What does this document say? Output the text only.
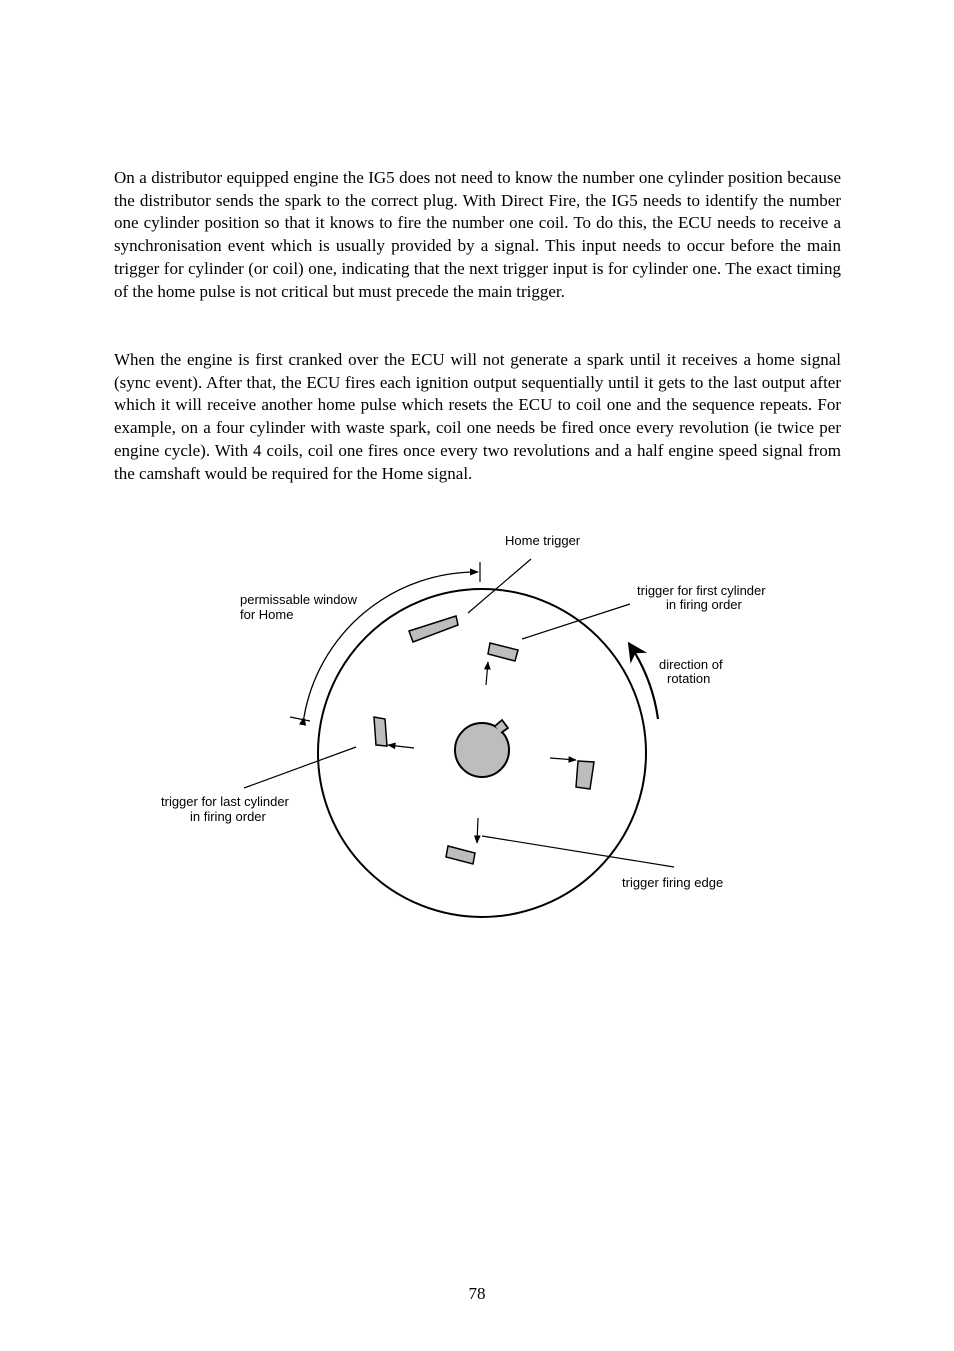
On a distributor equipped engine the IG5 does not need to know the number one cylinder position because the distributor sends the spark to the correct plug. With Direct Fire, the IG5 needs to identify the number one cylinder position so that it knows to fire the number one coil. To do this, the ECU needs to receive a synchronisation event which is usually provided by a signal. This input needs to occur before the main trigger for cylinder (or coil) one, indicating that the next trigger input is for cylinder one. The exact timing of the home pulse is not critical but must precede the main trigger.

When the engine is first cranked over the ECU will not generate a spark until it receives a home signal (sync event). After that, the ECU fires each ignition output sequentially until it gets to the last output after which it will receive another home pulse which resets the ECU to coil one and the sequence repeats. For example, on a four cylinder with waste spark, coil one needs be fired once every revolution (ie twice per engine cycle). With 4 coils, coil one fires once every two revolutions and a half engine speed signal from the camshaft would be required for the Home signal.

Home trigger
permissable window
for Home
trigger for first cylinder
in firing order
direction of
rotation
trigger for last cylinder
in firing order
trigger firing edge
78
